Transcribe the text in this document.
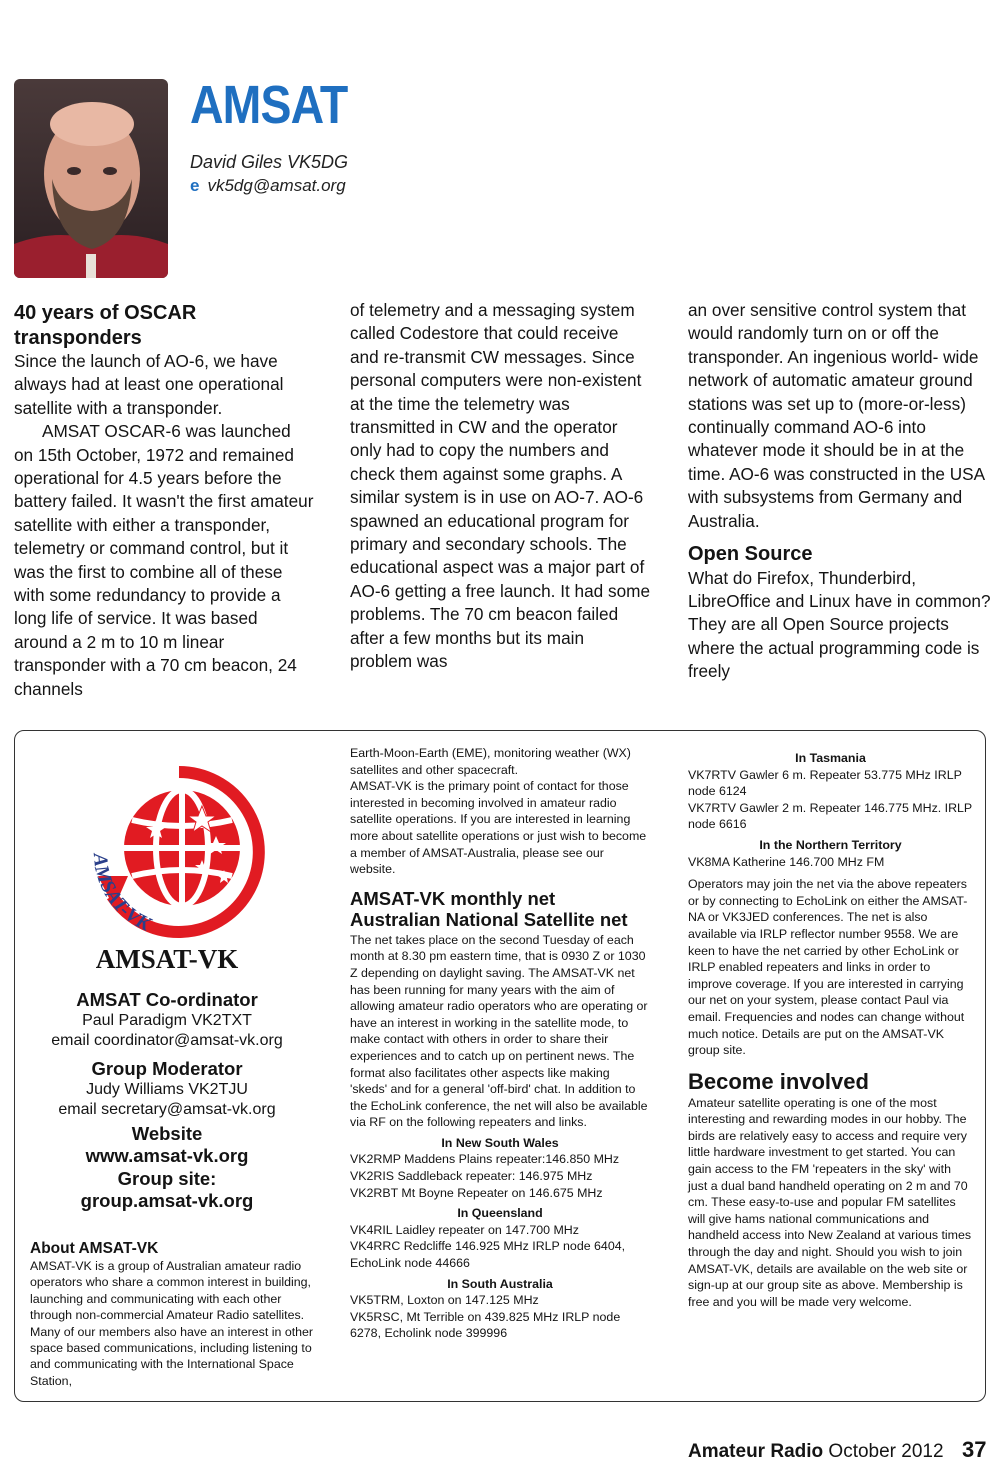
AMSAT
David Giles VK5DG
e vk5dg@amsat.org
40 years of OSCAR transponders

Since the launch of AO-6, we have always had at least one operational satellite with a transponder.

AMSAT OSCAR-6 was launched on 15th October, 1972 and remained operational for 4.5 years before the battery failed. It wasn't the first amateur satellite with either a transponder, telemetry or command control, but it was the first to combine all of these with some redundancy to provide a long life of service. It was based around a 2 m to 10 m linear transponder with a 70 cm beacon, 24 channels

of telemetry and a messaging system called Codestore that could receive and re-transmit CW messages. Since personal computers were non-existent at the time the telemetry was transmitted in CW and the operator only had to copy the numbers and check them against some graphs. A similar system is in use on AO-7. AO-6 spawned an educational program for primary and secondary schools. The educational aspect was a major part of AO-6 getting a free launch. It had some problems. The 70 cm beacon failed after a few months but its main problem was

an over sensitive control system that would randomly turn on or off the transponder. An ingenious world- wide network of automatic amateur ground stations was set up to (more-or-less) continually command AO-6 into whatever mode it should be in at the time. AO-6 was constructed in the USA with subsystems from Germany and Australia.

Open Source

What do Firefox, Thunderbird, LibreOffice and Linux have in common? They are all Open Source projects where the actual programming code is freely

AMSAT-VK
AMSAT-VK
AMSAT Co-ordinator
Paul Paradigm VK2TXT
email coordinator@amsat-vk.org
Group Moderator
Judy Williams VK2TJU
email secretary@amsat-vk.org
Website
www.amsat-vk.org
Group site:
group.amsat-vk.org
About AMSAT-VK
AMSAT-VK is a group of Australian amateur radio operators who share a common interest in building, launching and communicating with each other through non-commercial Amateur Radio satellites. Many of our members also have an interest in other space based communications, including listening to and communicating with the International Space Station,

Earth-Moon-Earth (EME), monitoring weather (WX) satellites and other spacecraft.

AMSAT-VK is the primary point of contact for those interested in becoming involved in amateur radio satellite operations. If you are interested in learning more about satellite operations or just wish to become a member of AMSAT-Australia, please see our website.

AMSAT-VK monthly net
Australian National Satellite net

The net takes place on the second Tuesday of each month at 8.30 pm eastern time, that is 0930 Z or 1030 Z depending on daylight saving. The AMSAT-VK net has been running for many years with the aim of allowing amateur radio operators who are operating or have an interest in working in the satellite mode, to make contact with others in order to share their experiences and to catch up on pertinent news. The format also facilitates other aspects like making 'skeds' and for a general 'off-bird' chat. In addition to the EchoLink conference, the net will also be available via RF on the following repeaters and links.

In New South Wales

VK2RMP Maddens Plains repeater:146.850 MHz

VK2RIS Saddleback repeater: 146.975 MHz

VK2RBT Mt Boyne Repeater on 146.675 MHz

In Queensland

VK4RIL Laidley repeater on 147.700 MHz

VK4RRC Redcliffe 146.925 MHz IRLP node 6404, EchoLink node 44666

In South Australia

VK5TRM, Loxton on 147.125 MHz

VK5RSC, Mt Terrible on 439.825 MHz IRLP node 6278, Echolink node 399996

In Tasmania

VK7RTV Gawler 6 m. Repeater 53.775 MHz IRLP node 6124

VK7RTV Gawler 2 m. Repeater 146.775 MHz. IRLP node 6616

In the Northern Territory

VK8MA Katherine 146.700 MHz FM

Operators may join the net via the above repeaters or by connecting to EchoLink on either the AMSAT-NA or VK3JED conferences. The net is also available via IRLP reflector number 9558. We are keen to have the net carried by other EchoLink or IRLP enabled repeaters and links in order to improve coverage. If you are interested in carrying our net on your system, please contact Paul via email. Frequencies and nodes can change without much notice. Details are put on the AMSAT-VK group site.

Become involved

Amateur satellite operating is one of the most interesting and rewarding modes in our hobby. The birds are relatively easy to access and require very little hardware investment to get started. You can gain access to the FM 'repeaters in the sky' with just a dual band handheld operating on 2 m and 70 cm. These easy-to-use and popular FM satellites will give hams national communications and handheld access into New Zealand at various times through the day and night. Should you wish to join AMSAT-VK, details are available on the web site or sign-up at our group site as above. Membership is free and you will be made very welcome.

Amateur Radio October 2012 37
